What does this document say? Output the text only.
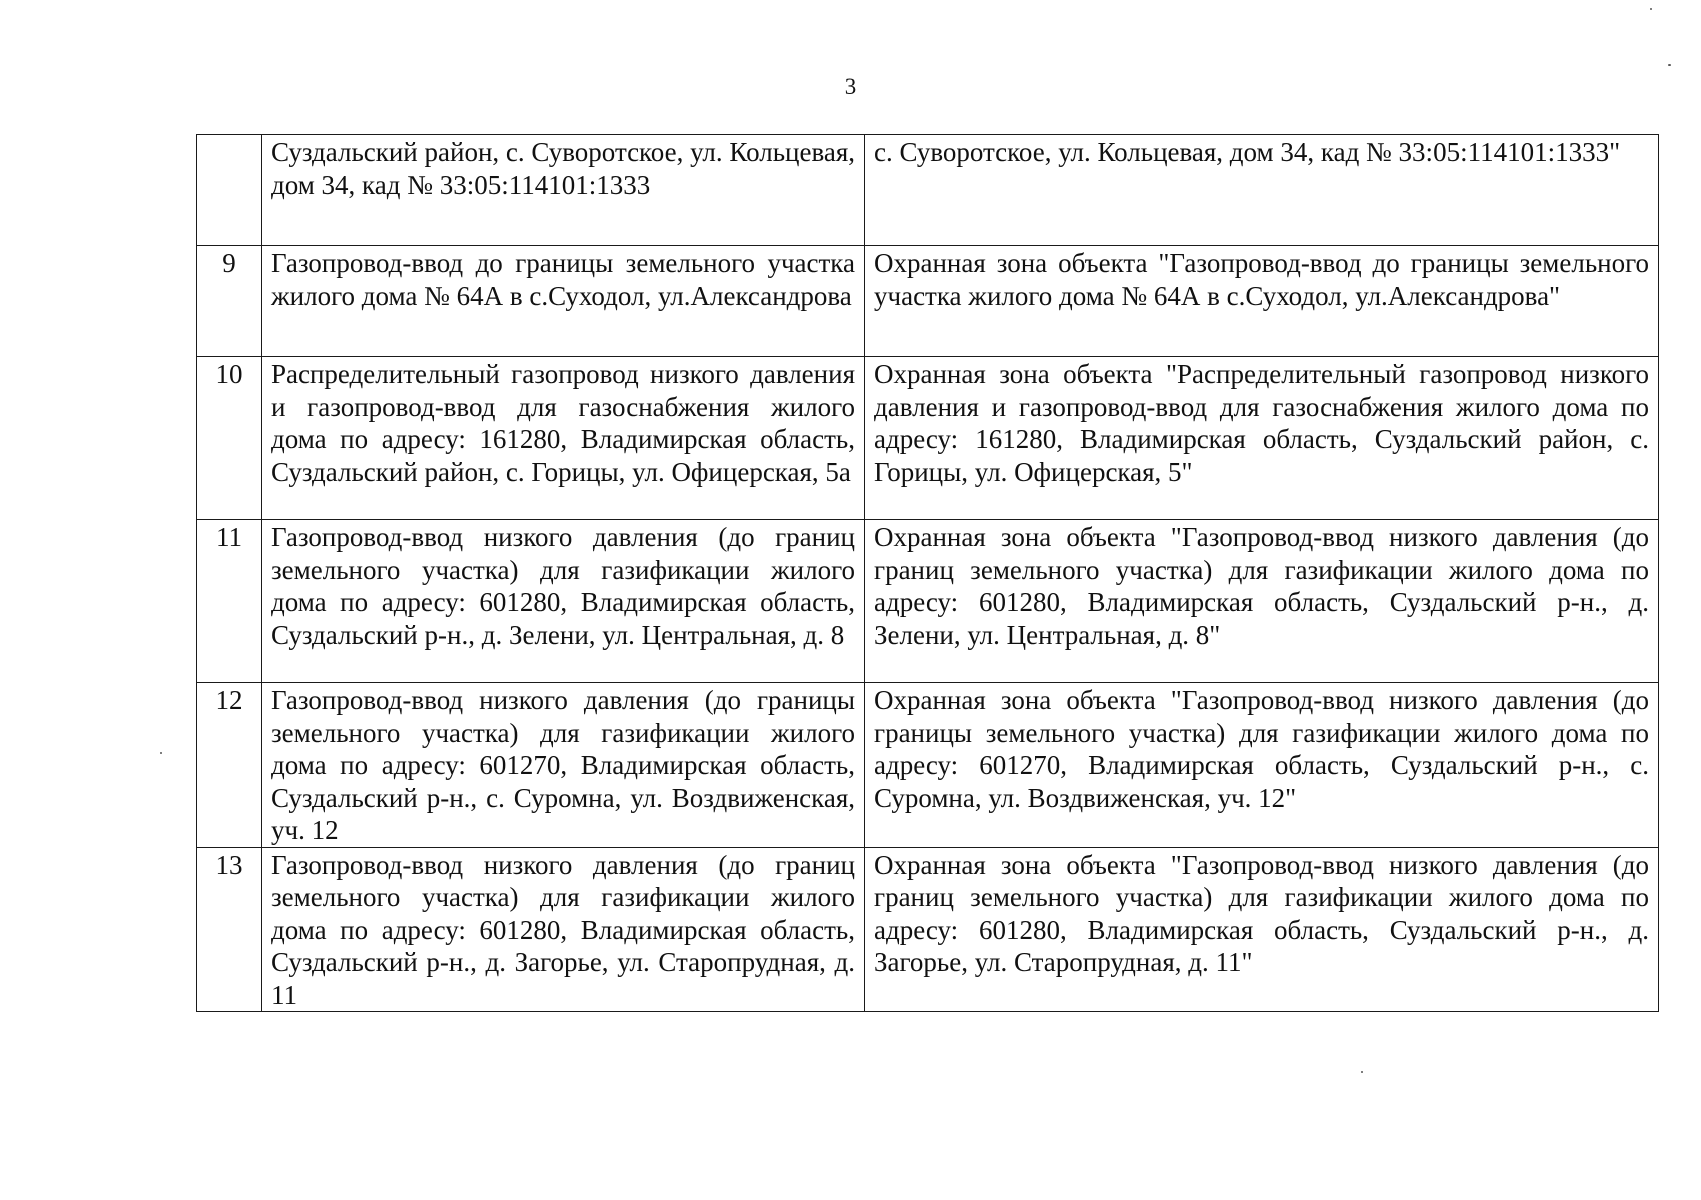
3
	Суздальский район, с. Суворотское, ул. Кольцевая, дом 34, кад № 33:05:114101:1333	с. Суворотское, ул. Кольцевая, дом 34, кад № 33:05:114101:1333"
9	Газопровод-ввод до границы земельного участка жилого дома № 64А в с.Суходол, ул.Александрова	Охранная зона объекта "Газопровод-ввод до границы земельного участка жилого дома № 64А в с.Суходол, ул.Александрова"
10	Распределительный газопровод низкого давления и газопровод-ввод для газоснабжения жилого дома по адресу: 161280, Владимирская область, Суздальский район, с. Горицы, ул. Офицерская, 5а	Охранная зона объекта "Распределительный газопровод низкого давления и газопровод-ввод для газоснабжения жилого дома по адресу: 161280, Владимирская область, Суздальский район, с. Горицы, ул. Офицерская, 5"
11	Газопровод-ввод низкого давления (до границ земельного участка) для газификации жилого дома по адресу: 601280, Владимирская область, Суздальский р-н., д. Зелени, ул. Центральная, д. 8	Охранная зона объекта "Газопровод-ввод низкого давления (до границ земельного участка) для газификации жилого дома по адресу: 601280, Владимирская область, Суздальский р-н., д. Зелени, ул. Центральная, д. 8"
12	Газопровод-ввод низкого давления (до границы земельного участка) для газификации жилого дома по адресу: 601270, Владимирская область, Суздальский р-н., с. Суромна, ул. Воздвиженская, уч. 12	Охранная зона объекта "Газопровод-ввод низкого давления (до границы земельного участка) для газификации жилого дома по адресу: 601270, Владимирская область, Суздальский р-н., с. Суромна, ул. Воздвиженская, уч. 12"
13	Газопровод-ввод низкого давления (до границ земельного участка) для газификации жилого дома по адресу: 601280, Владимирская область, Суздальский р-н., д. Загорье, ул. Старопрудная, д. 11	Охранная зона объекта "Газопровод-ввод низкого давления (до границ земельного участка) для газификации жилого дома по адресу: 601280, Владимирская область, Суздальский р-н., д. Загорье, ул. Старопрудная, д. 11"
